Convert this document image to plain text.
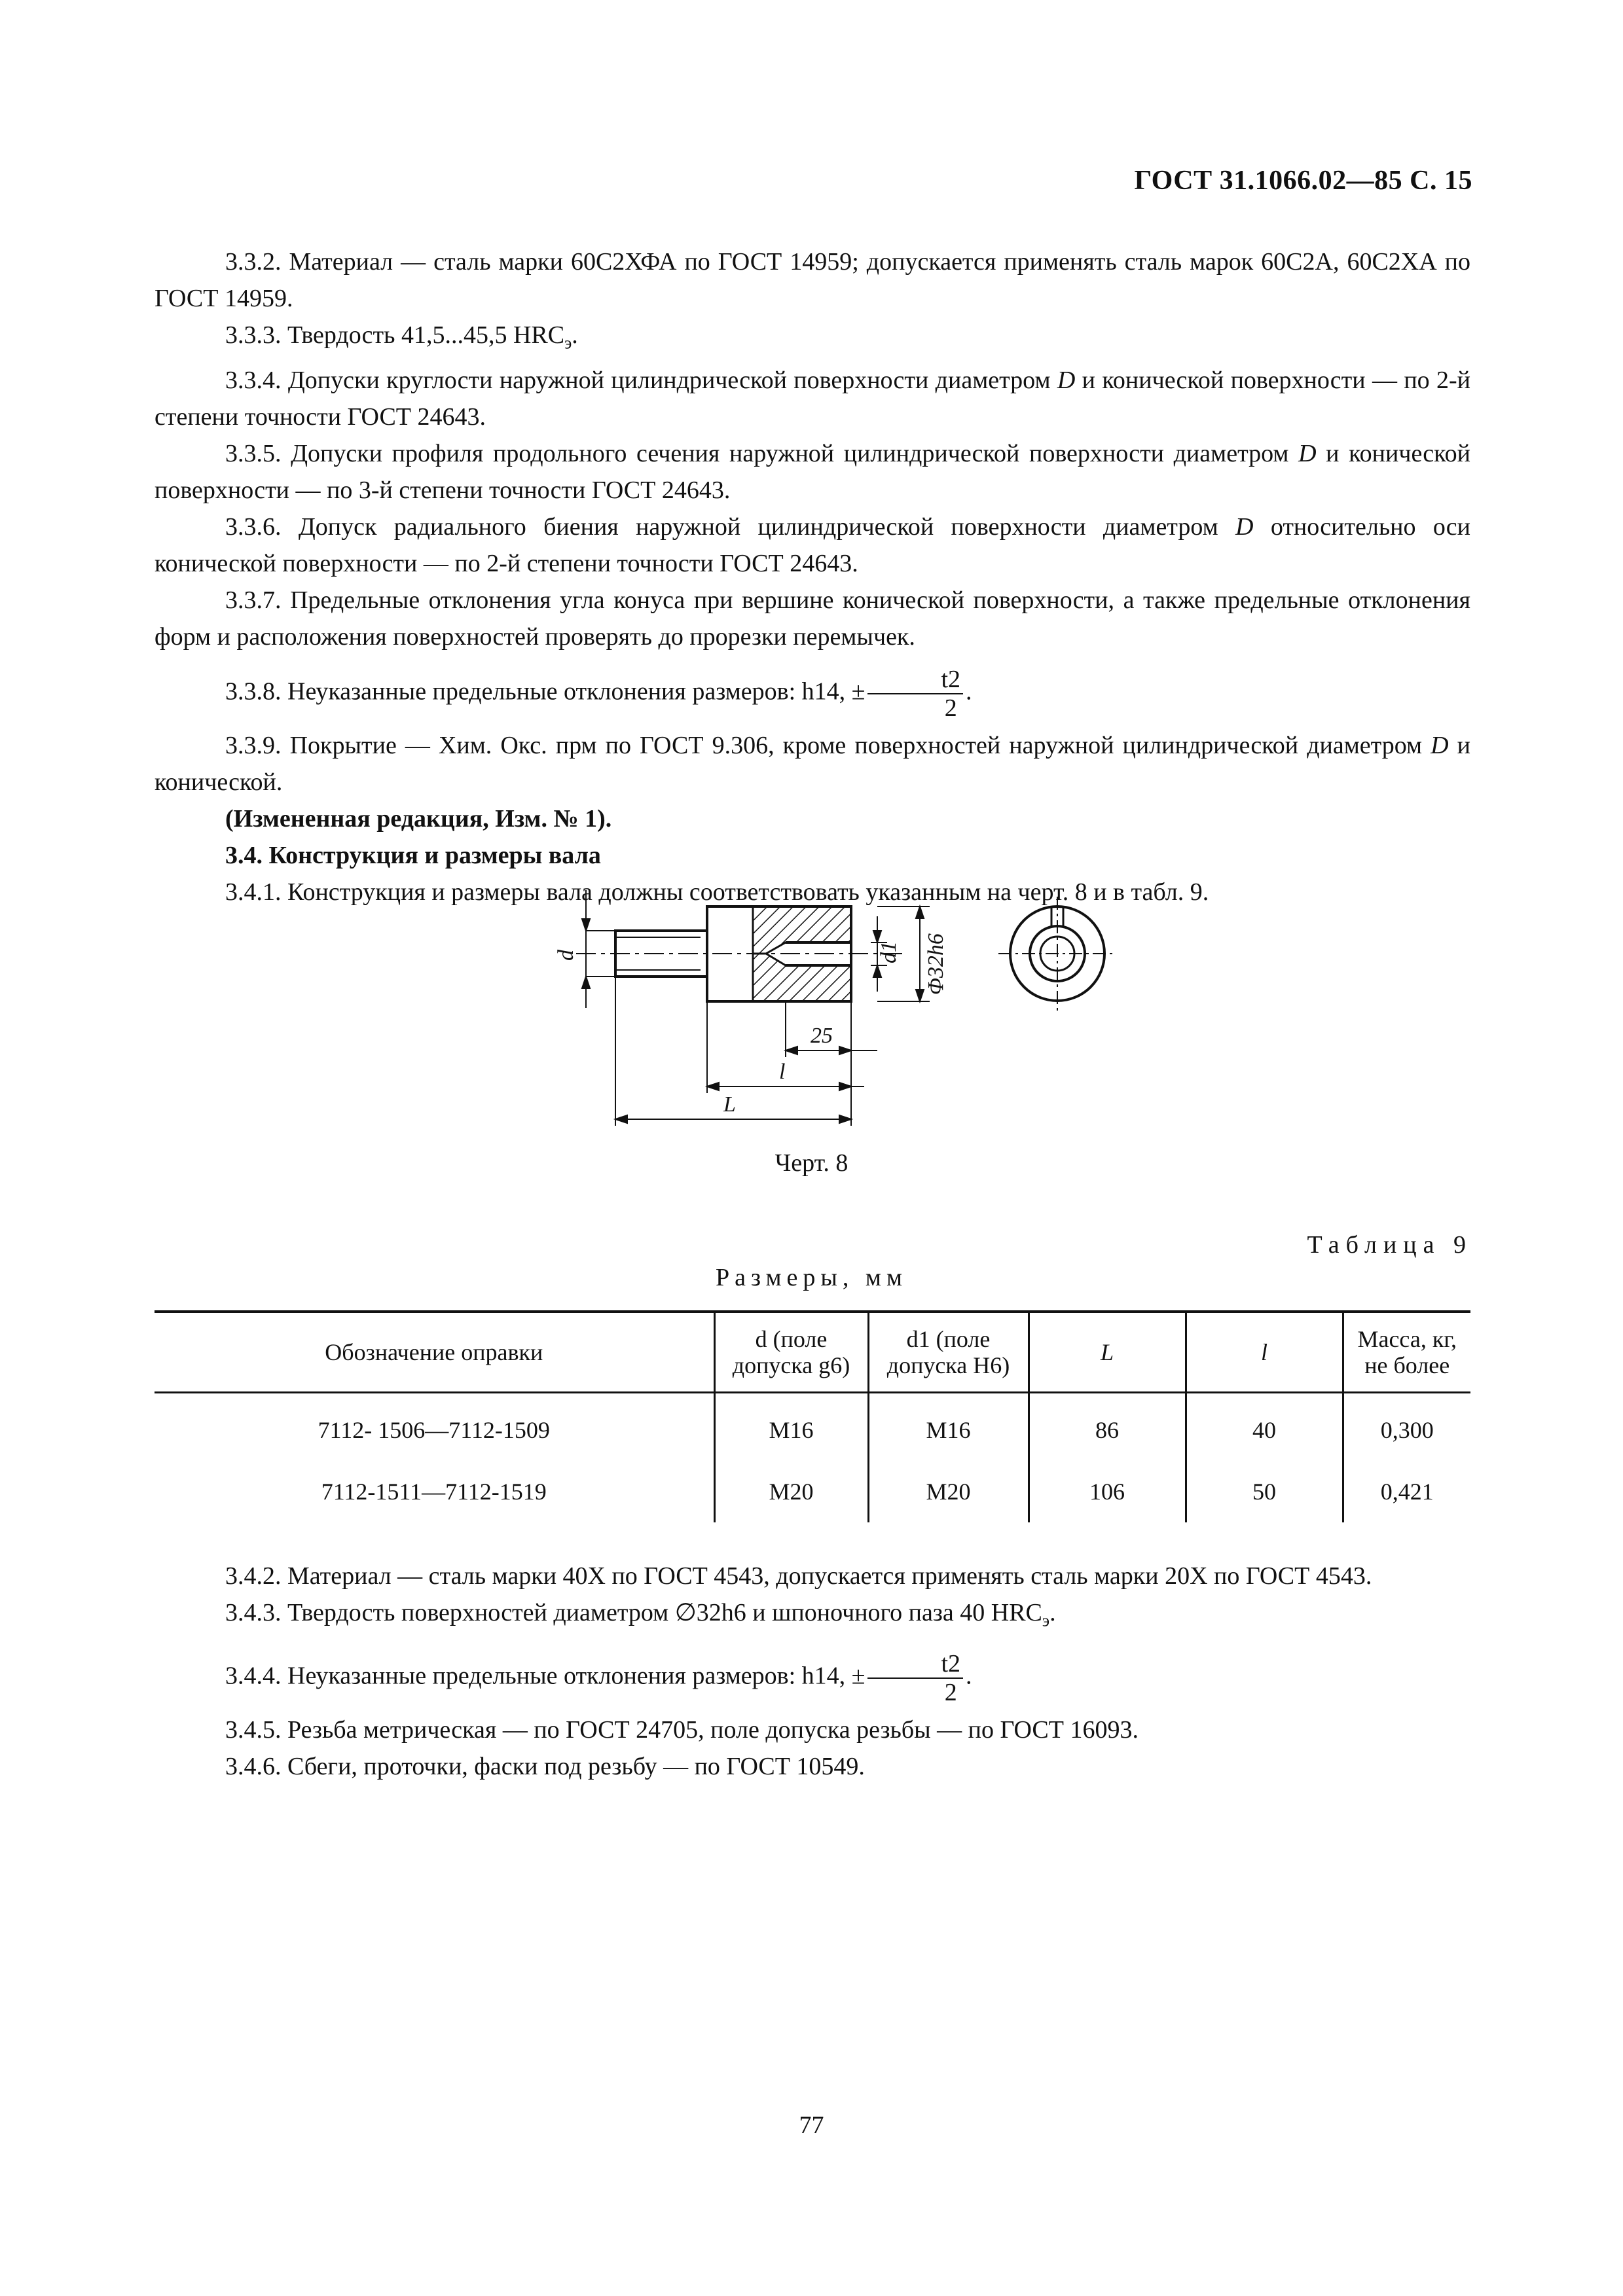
ГОСТ 31.1066.02—85 С. 15

3.3.2. Материал — сталь марки 60С2ХФА по ГОСТ 14959; допускается применять сталь марок 60С2А, 60С2ХА по ГОСТ 14959.

3.3.3. Твердость 41,5...45,5 $HRC_э$.

3.3.4. Допуски круглости наружной цилиндрической поверхности диаметром D и конической поверхности — по 2-й степени точности ГОСТ 24643.

3.3.5. Допуски профиля продольного сечения наружной цилиндрической поверхности диаметром D и конической поверхности — по 3-й степени точности ГОСТ 24643.

3.3.6. Допуск радиального биения наружной цилиндрической поверхности диаметром D относительно оси конической поверхности — по 2-й степени точности ГОСТ 24643.

3.3.7. Предельные отклонения угла конуса при вершине конической поверхности, а также предельные отклонения форм и расположения поверхностей проверять до прорезки перемычек.

3.3.8. Неуказанные предельные отклонения размеров: h14, ± $\frac{t2}{2}$ .

3.3.9. Покрытие — Хим. Окс. прм по ГОСТ 9.306, кроме поверхностей наружной цилиндрической диаметром D и конической.

(Измененная редакция, Изм. № 1).

3.4. Конструкция и размеры вала

3.4.1. Конструкция и размеры вала должны соответствовать указанным на черт. 8 и в табл. 9.

d	d1 Φ32h6
25
l
L
Черт. 8
Таблица 9
Размеры, мм
Обозначение оправки	d (поле допуска g6)	d1 (поле допуска Н6)	L	l	Масса, кг, не более
7112- 1506—7112-1509	М16	М16	86	40	0,300
7112-1511—7112-1519	М20	М20	106	50	0,421

3.4.2. Материал — сталь марки 40Х по ГОСТ 4543, допускается применять сталь марки 20Х по ГОСТ 4543.

3.4.3. Твердость поверхностей диаметром ∅32h6 и шпоночного паза 40 $HRC_э$.

3.4.4. Неуказанные предельные отклонения размеров: h14, ± $\frac{t2}{2}$ .

3.4.5. Резьба метрическая — по ГОСТ 24705, поле допуска резьбы — по ГОСТ 16093.

3.4.6. Сбеги, проточки, фаски под резьбу — по ГОСТ 10549.

77
